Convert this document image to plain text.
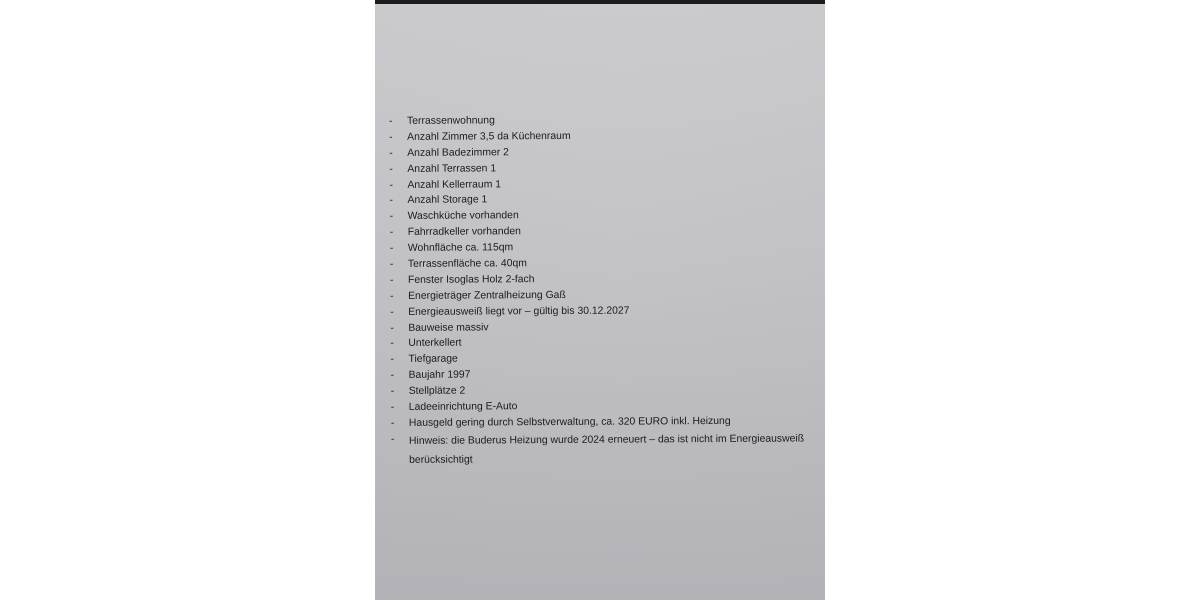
-	Terrassenwohnung
-	Anzahl Zimmer 3,5 da Küchenraum
-	Anzahl Badezimmer 2
-	Anzahl Terrassen 1
-	Anzahl Kellerraum 1
-	Anzahl Storage 1
-	Waschküche vorhanden
-	Fahrradkeller vorhanden
-	Wohnfläche ca. 115qm
-	Terrassenfläche ca. 40qm
-	Fenster Isoglas Holz 2-fach
-	Energieträger Zentralheizung Gaß
-	Energieausweiß liegt vor – gültig bis 30.12.2027
-	Bauweise massiv
-	Unterkellert
-	Tiefgarage
-	Baujahr 1997
-	Stellplätze 2
-	Ladeeinrichtung E-Auto
-	Hausgeld gering durch Selbstverwaltung, ca. 320 EURO inkl. Heizung
-	Hinweis: die Buderus Heizung wurde 2024 erneuert – das ist nicht im Energieausweiß berücksichtigt
